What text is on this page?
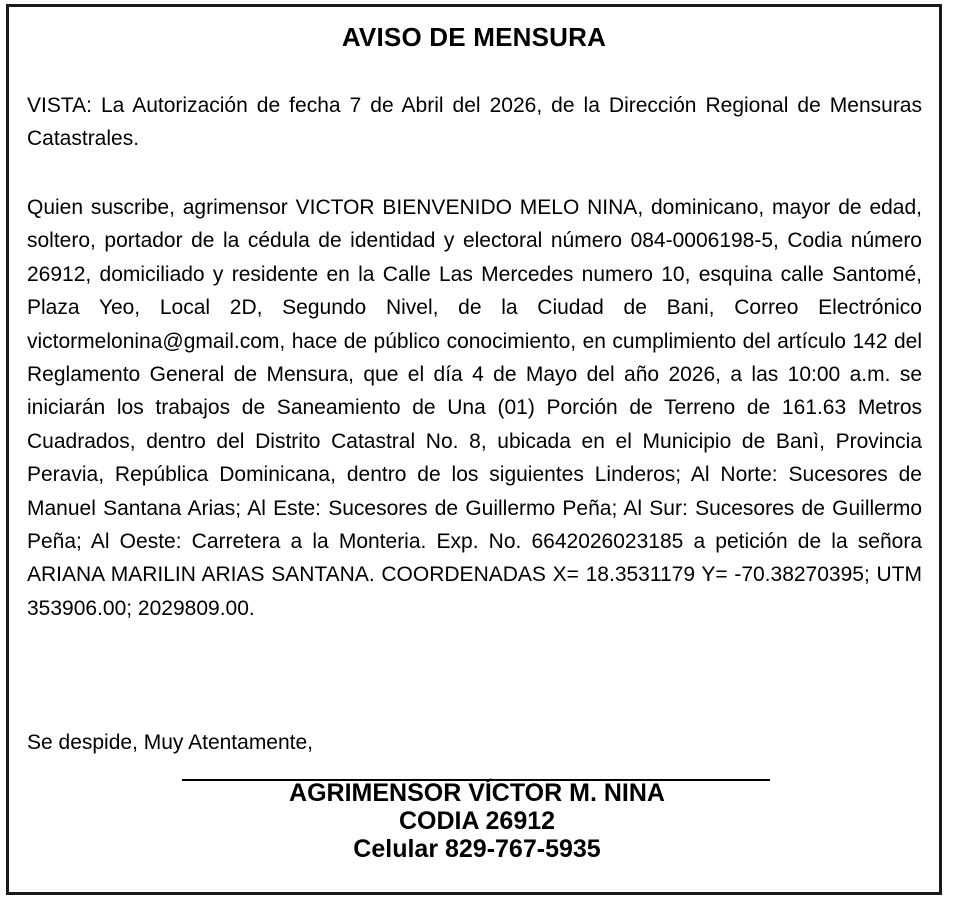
AVISO DE MENSURA

VISTA: La Autorización de fecha 7 de Abril del 2026, de la Dirección Regional de Mensuras Catastrales.

Quien suscribe, agrimensor VICTOR BIENVENIDO MELO NINA, dominicano, mayor de edad, soltero, portador de la cédula de identidad y electoral número 084-0006198-5, Codia número 26912, domiciliado y residente en la Calle Las Mercedes numero 10, esquina calle Santomé, Plaza Yeo, Local 2D, Segundo Nivel, de la Ciudad de Bani, Correo Electrónico victormelonina@gmail.com, hace de público conocimiento, en cumplimiento del artículo 142 del Reglamento General de Mensura, que el día 4 de Mayo del año 2026, a las 10:00 a.m. se iniciarán los trabajos de Saneamiento de Una (01) Porción de Terreno de 161.63 Metros Cuadrados, dentro del Distrito Catastral No. 8, ubicada en el Municipio de Banì, Provincia Peravia, República Dominicana, dentro de los siguientes Linderos; Al Norte: Sucesores de Manuel Santana Arias; Al Este: Sucesores de Guillermo Peña; Al Sur: Sucesores de Guillermo Peña; Al Oeste: Carretera a la Monteria. Exp. No. 6642026023185 a petición de la señora ARIANA MARILIN ARIAS SANTANA. COORDENADAS X= 18.3531179 Y= -70.38270395; UTM 353906.00; 2029809.00.

Se despide, Muy Atentamente,

AGRIMENSOR VÍCTOR M. NINA
CODIA 26912
Celular 829-767-5935
